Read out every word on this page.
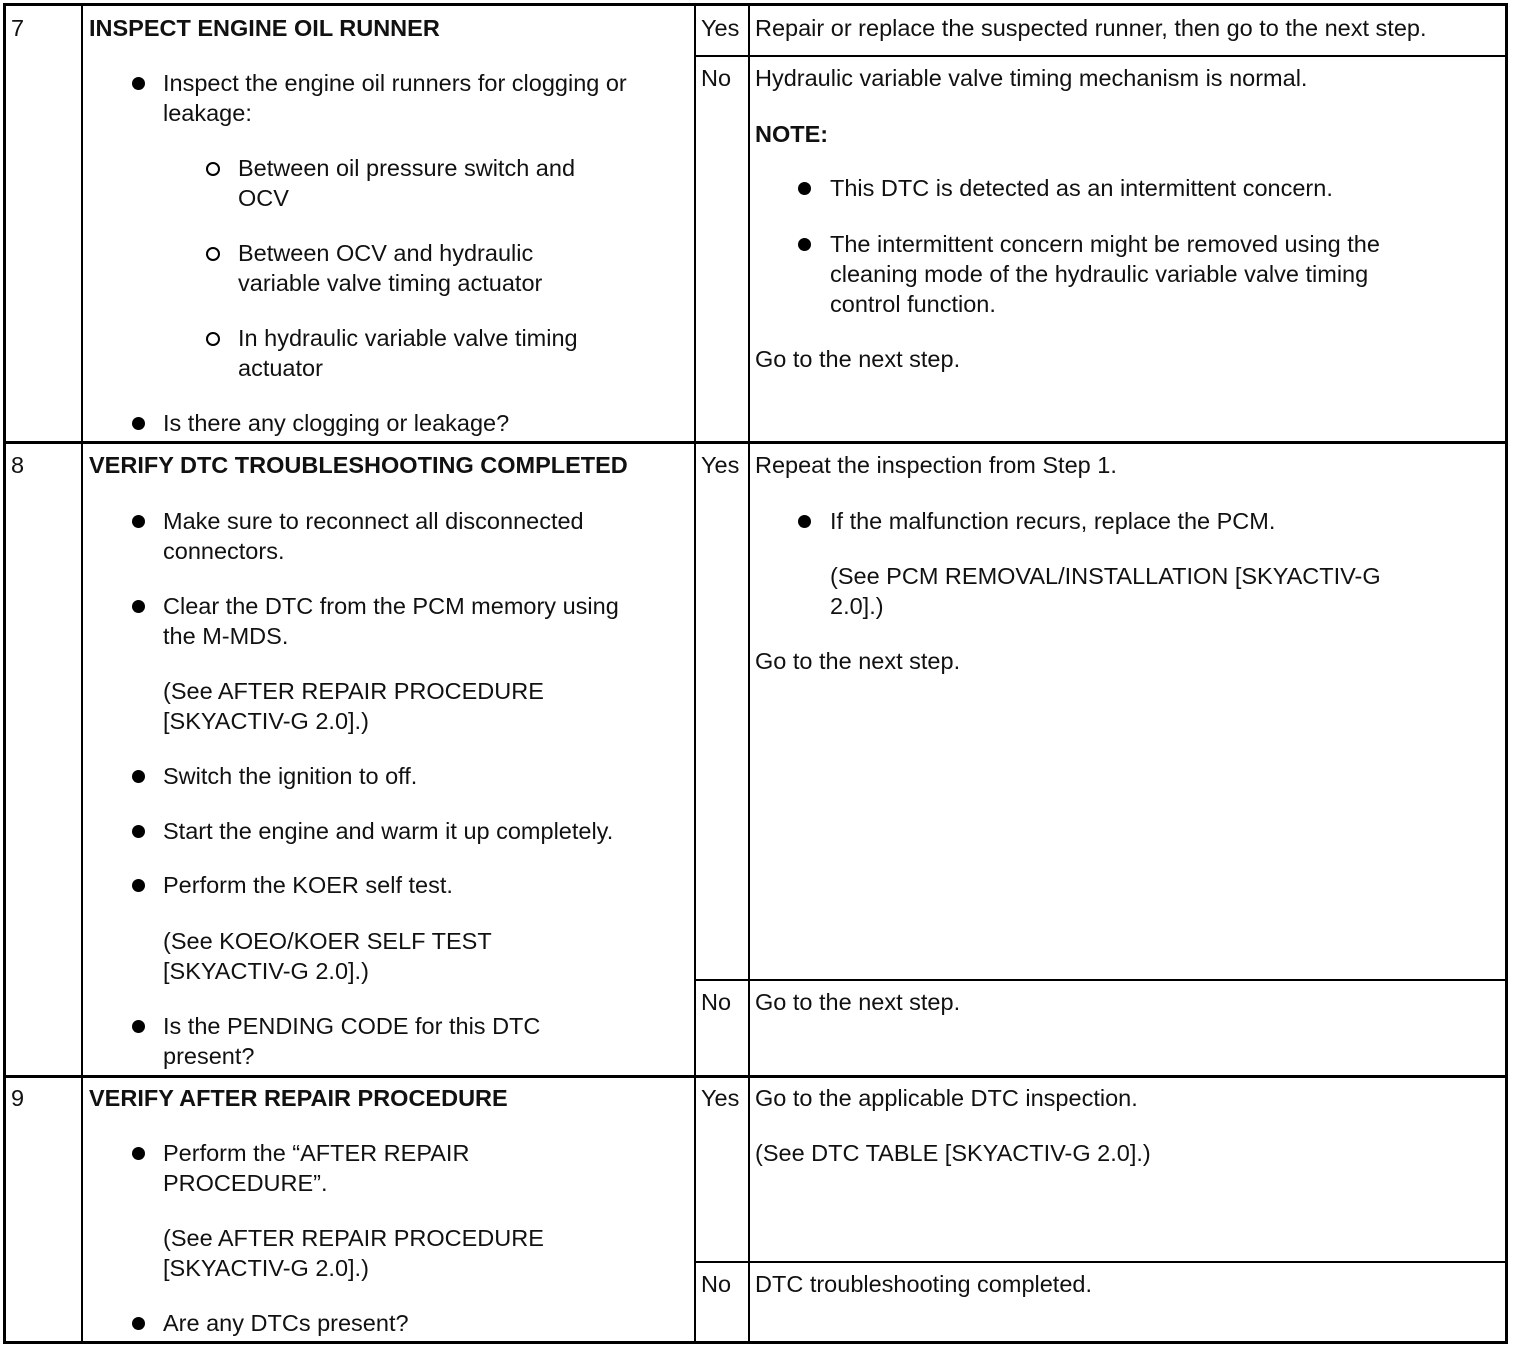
7	INSPECT ENGINE OIL RUNNER
Inspect the engine oil runners for clogging or
leakage:
Between oil pressure switch and
OCV
Between OCV and hydraulic
variable valve timing actuator
In hydraulic variable valve timing
actuator
Is there any clogging or leakage?
Yes Repair or replace the suspected runner, then go to the next step.
No Hydraulic variable valve timing mechanism is normal.
NOTE:
This DTC is detected as an intermittent concern.
The intermittent concern might be removed using the
cleaning mode of the hydraulic variable valve timing
control function.
Go to the next step.
8	VERIFY DTC TROUBLESHOOTING COMPLETED
Make sure to reconnect all disconnected
connectors.
Clear the DTC from the PCM memory using
the M-MDS.
(See AFTER REPAIR PROCEDURE
[SKYACTIV-G 2.0].)
Switch the ignition to off.
Start the engine and warm it up completely.
Perform the KOER self test.
(See KOEO/KOER SELF TEST
[SKYACTIV-G 2.0].)
Is the PENDING CODE for this DTC
present?
Yes Repeat the inspection from Step 1.
If the malfunction recurs, replace the PCM.
(See PCM REMOVAL/INSTALLATION [SKYACTIV-G
2.0].)
Go to the next step.
No Go to the next step.
9	VERIFY AFTER REPAIR PROCEDURE
Perform the “AFTER REPAIR
PROCEDURE”.
(See AFTER REPAIR PROCEDURE
[SKYACTIV-G 2.0].)
Are any DTCs present?
Yes Go to the applicable DTC inspection.
(See DTC TABLE [SKYACTIV-G 2.0].)
No DTC troubleshooting completed.
